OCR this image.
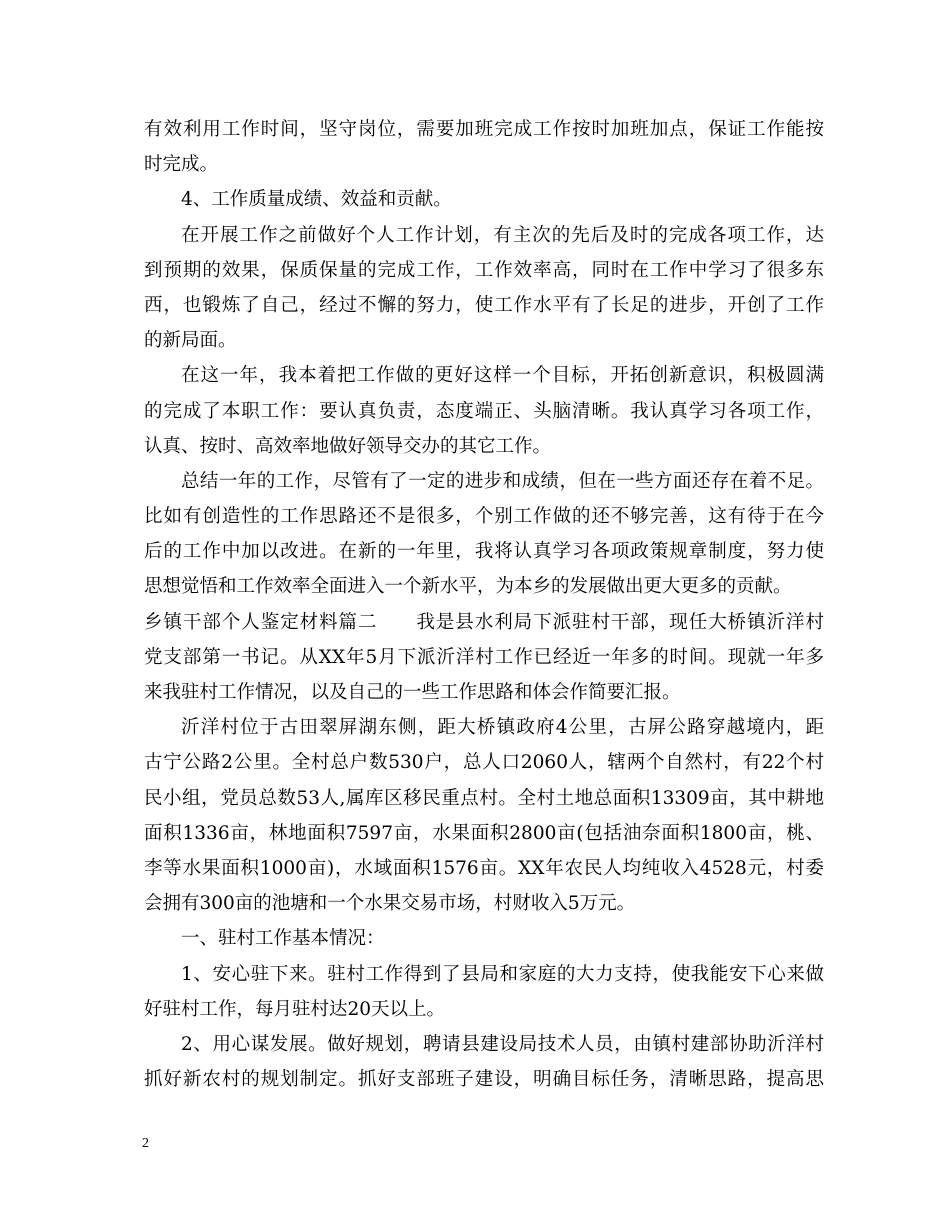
有效利用工作时间，坚守岗位，需要加班完成工作按时加班加点，保证工作能按
时完成。
4、工作质量成绩、效益和贡献。
在开展工作之前做好个人工作计划，有主次的先后及时的完成各项工作，达
到预期的效果，保质保量的完成工作，工作效率高，同时在工作中学习了很多东
西，也锻炼了自己，经过不懈的努力，使工作水平有了长足的进步，开创了工作
的新局面。
在这一年，我本着把工作做的更好这样一个目标，开拓创新意识，积极圆满
的完成了本职工作：要认真负责，态度端正、头脑清晰。我认真学习各项工作，
认真、按时、高效率地做好领导交办的其它工作。
总结一年的工作，尽管有了一定的进步和成绩，但在一些方面还存在着不足。
比如有创造性的工作思路还不是很多，个别工作做的还不够完善，这有待于在今
后的工作中加以改进。在新的一年里，我将认真学习各项政策规章制度，努力使
思想觉悟和工作效率全面进入一个新水平，为本乡的发展做出更大更多的贡献。
乡镇干部个人鉴定材料篇二　　我是县水利局下派驻村干部，现任大桥镇沂洋村
党支部第一书记。从XX年5月下派沂洋村工作已经近一年多的时间。现就一年多
来我驻村工作情况，以及自己的一些工作思路和体会作简要汇报。
沂洋村位于古田翠屏湖东侧，距大桥镇政府4公里，古屏公路穿越境内，距
古宁公路2公里。全村总户数530户，总人口2060人，辖两个自然村，有22个村
民小组，党员总数53人,属库区移民重点村。全村土地总面积13309亩，其中耕地
面积1336亩，林地面积7597亩，水果面积2800亩(包括油奈面积1800亩，桃、
李等水果面积1000亩)，水域面积1576亩。XX年农民人均纯收入4528元，村委
会拥有300亩的池塘和一个水果交易市场，村财收入5万元。
一、驻村工作基本情况：
1、安心驻下来。驻村工作得到了县局和家庭的大力支持，使我能安下心来做
好驻村工作，每月驻村达20天以上。
2、用心谋发展。做好规划，聘请县建设局技术人员，由镇村建部协助沂洋村
抓好新农村的规划制定。抓好支部班子建设，明确目标任务，清晰思路，提高思
2
